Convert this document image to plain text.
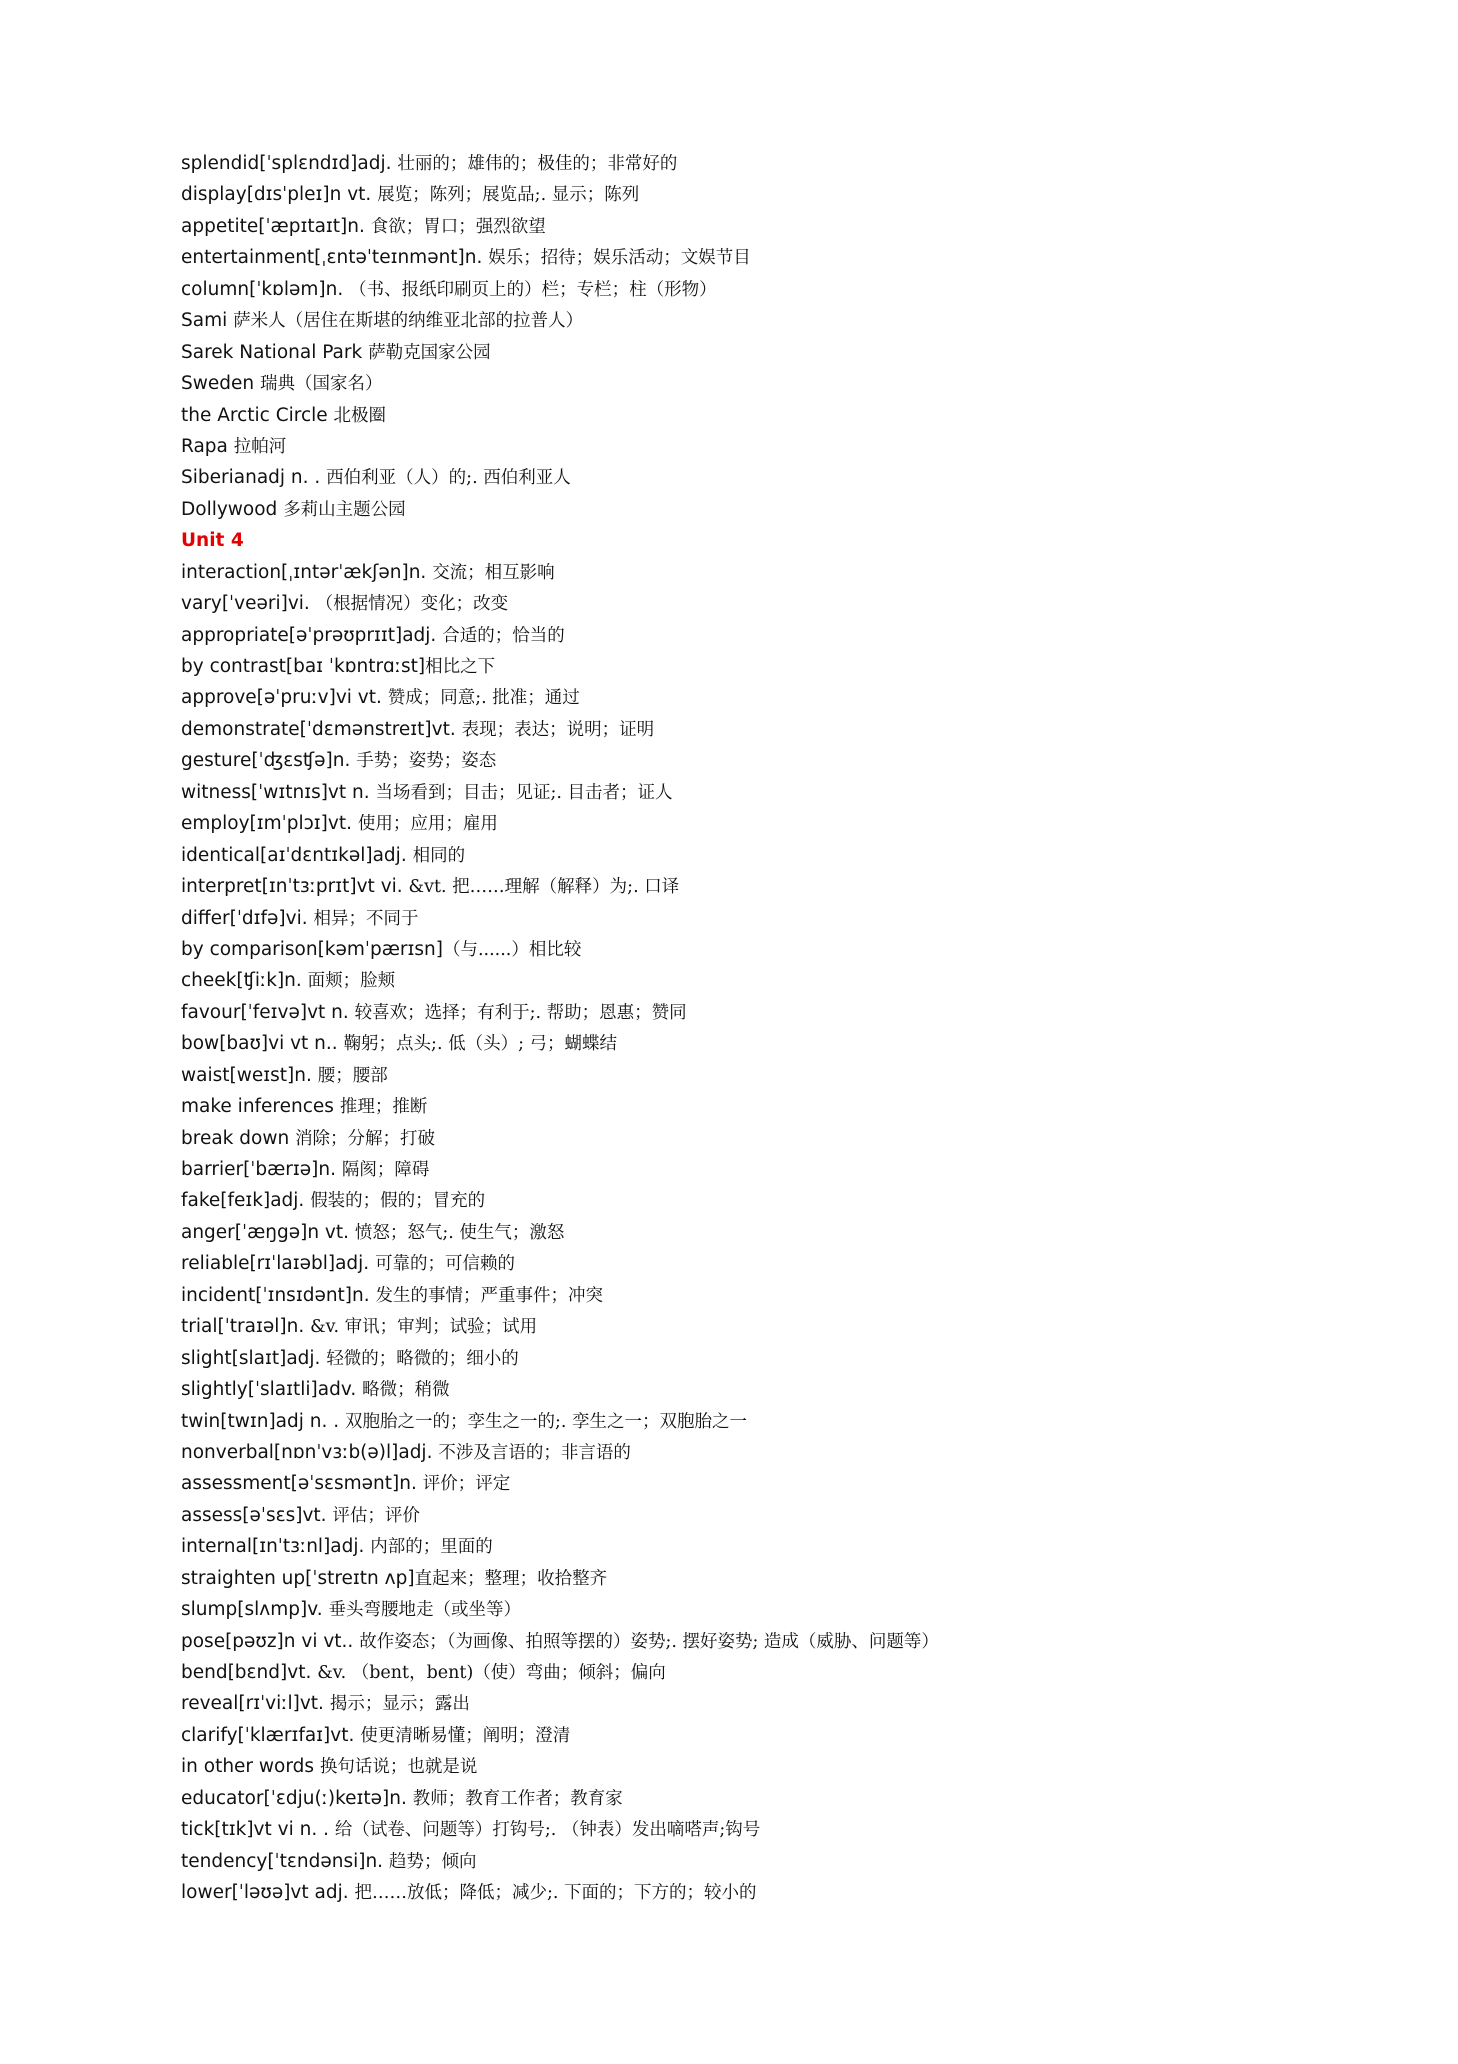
splendid[ˈsplɛndɪd]adj. 壮丽的；雄伟的；极佳的；非常好的
display[dɪsˈpleɪ]n vt. 展览；陈列；展览品;. 显示；陈列
appetite[ˈæpɪtaɪt]n. 食欲；胃口；强烈欲望
entertainment[ˌɛntəˈteɪnmənt]n. 娱乐；招待；娱乐活动；文娱节目
column[ˈkɒləm]n. （书、报纸印刷页上的）栏；专栏；柱（形物）
Sami 萨米人（居住在斯堪的纳维亚北部的拉普人）
Sarek National Park 萨勒克国家公园
Sweden 瑞典（国家名）
the Arctic Circle 北极圈
Rapa 拉帕河
Siberianadj n. . 西伯利亚（人）的;. 西伯利亚人
Dollywood 多莉山主题公园
Unit 4
interaction[ˌɪntərˈækʃən]n. 交流；相互影响
vary[ˈveəri]vi. （根据情况）变化；改变
appropriate[əˈprəʊprɪɪt]adj. 合适的；恰当的
by contrast[baɪ ˈkɒntrɑːst]相比之下
approve[əˈpruːv]vi vt. 赞成；同意;. 批准；通过
demonstrate[ˈdɛmənstreɪt]vt. 表现；表达；说明；证明
gesture[ˈʤɛsʧə]n. 手势；姿势；姿态
witness[ˈwɪtnɪs]vt n. 当场看到；目击；见证;. 目击者；证人
employ[ɪmˈplɔɪ]vt. 使用；应用；雇用
identical[aɪˈdɛntɪkəl]adj. 相同的
interpret[ɪnˈtɜːprɪt]vt vi. &vt. 把……理解（解释）为;. 口译
differ[ˈdɪfə]vi. 相异；不同于
by comparison[kəmˈpærɪsn]（与......）相比较
cheek[ʧiːk]n. 面颊；脸颊
favour[ˈfeɪvə]vt n. 较喜欢；选择；有利于;. 帮助；恩惠；赞同
bow[baʊ]vi vt n.. 鞠躬；点头;. 低（头）; 弓；蝴蝶结
waist[weɪst]n. 腰；腰部
make inferences 推理；推断
break down 消除；分解；打破
barrier[ˈbærɪə]n. 隔阂；障碍
fake[feɪk]adj. 假装的；假的；冒充的
anger[ˈæŋgə]n vt. 愤怒；怒气;. 使生气；激怒
reliable[rɪˈlaɪəbl]adj. 可靠的；可信赖的
incident[ˈɪnsɪdənt]n. 发生的事情；严重事件；冲突
trial[ˈtraɪəl]n. &v. 审讯；审判；试验；试用
slight[slaɪt]adj. 轻微的；略微的；细小的
slightly[ˈslaɪtli]adv. 略微；稍微
twin[twɪn]adj n. . 双胞胎之一的；孪生之一的;. 孪生之一；双胞胎之一
nonverbal[nɒnˈvɜːb(ə)l]adj. 不涉及言语的；非言语的
assessment[əˈsɛsmənt]n. 评价；评定
assess[əˈsɛs]vt. 评估；评价
internal[ɪnˈtɜːnl]adj. 内部的；里面的
straighten up[ˈstreɪtn ʌp]直起来；整理；收拾整齐
slump[slʌmp]v. 垂头弯腰地走（或坐等）
pose[pəʊz]n vi vt.. 故作姿态；（为画像、拍照等摆的）姿势;. 摆好姿势; 造成（威胁、问题等）
bend[bɛnd]vt. &v. （bent，bent)（使）弯曲；倾斜；偏向
reveal[rɪˈviːl]vt. 揭示；显示；露出
clarify[ˈklærɪfaɪ]vt. 使更清晰易懂；阐明；澄清
in other words 换句话说；也就是说
educator[ˈɛdju(ː)keɪtə]n. 教师；教育工作者；教育家
tick[tɪk]vt vi n. . 给（试卷、问题等）打钩号;. （钟表）发出嘀嗒声;钩号
tendency[ˈtɛndənsi]n. 趋势；倾向
lower[ˈləʊə]vt adj. 把……放低；降低；减少;. 下面的；下方的；较小的
